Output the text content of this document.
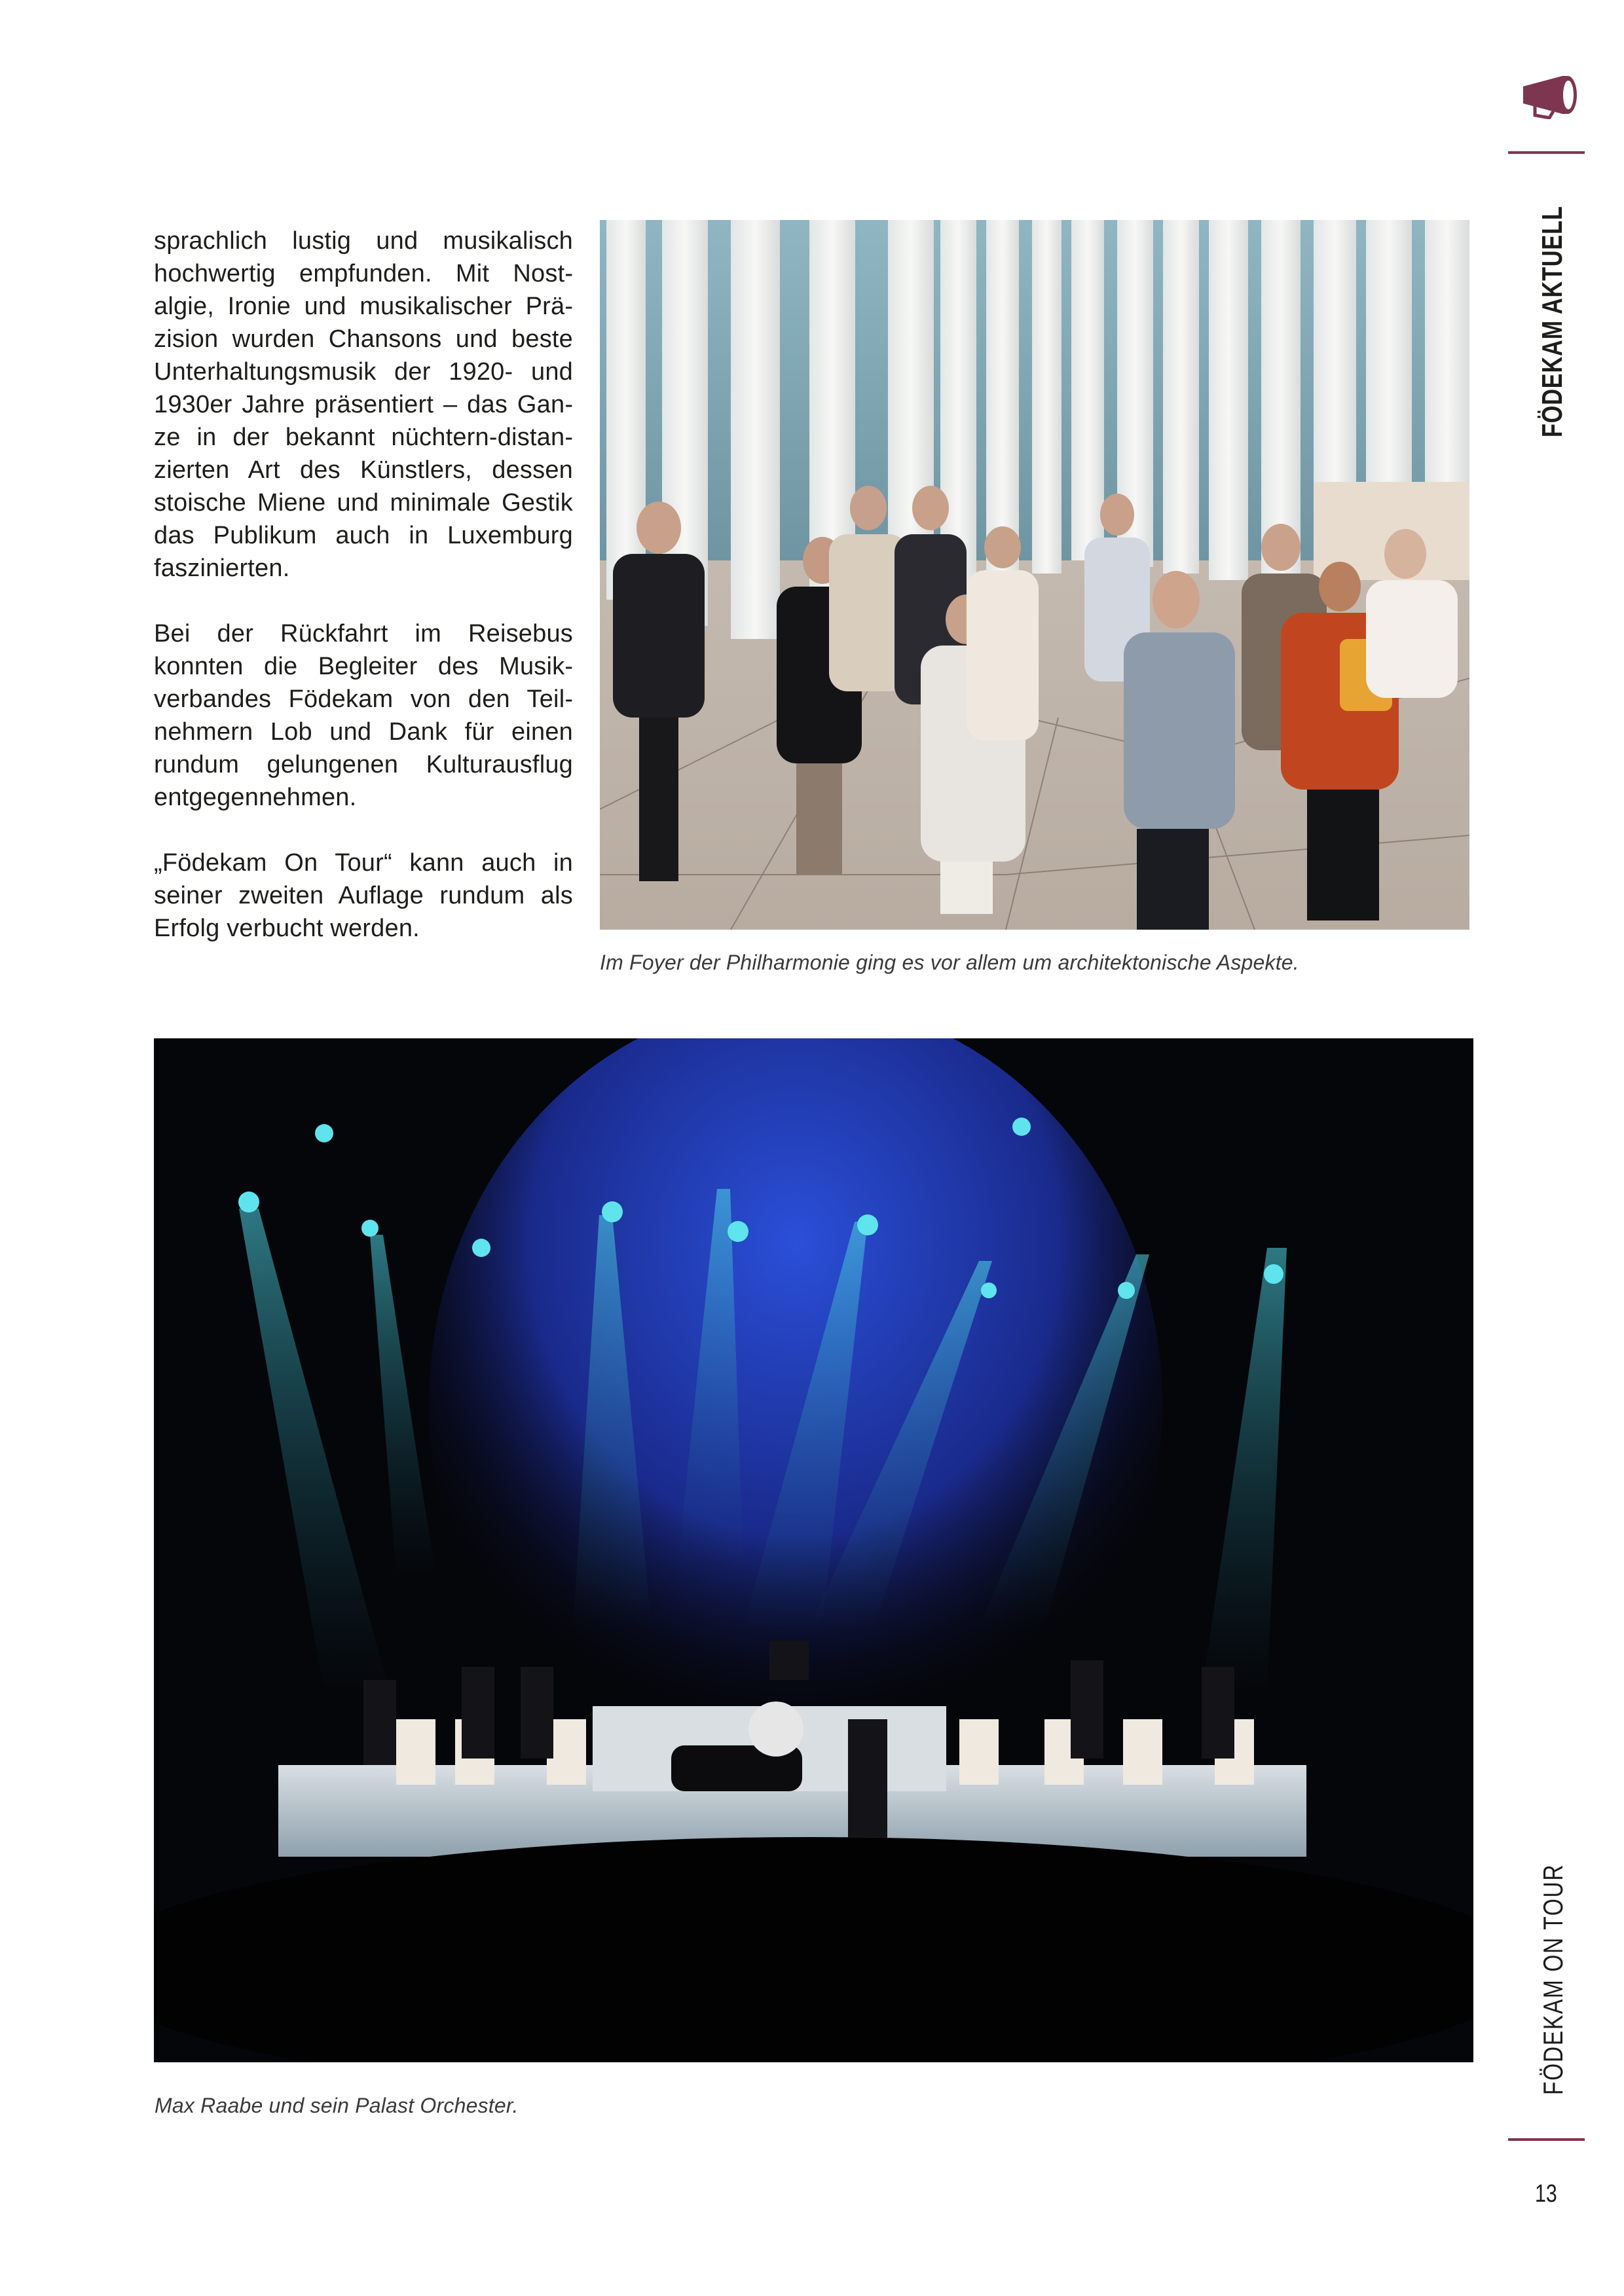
FÖDEKAM AKTUELL
FÖDEKAM ON TOUR
13

sprachlich lustig und musikalisch hochwertig empfunden. Mit Nostalgie, Ironie und musikalischer Präzision wurden Chansons und beste Unterhaltungsmusik der 1920- und 1930er Jahre präsentiert – das Ganze in der bekannt nüchtern-distanzierten Art des Künstlers, dessen stoische Miene und minimale Gestik das Publikum auch in Luxemburg faszinierten.

Bei der Rückfahrt im Reisebus konnten die Begleiter des Musikverbandes Födekam von den Teilnehmern Lob und Dank für einen rundum gelungenen Kulturausflug entgegennehmen.

„Födekam On Tour“ kann auch in seiner zweiten Auflage rundum als Erfolg verbucht werden.

Im Foyer der Philharmonie ging es vor allem um architektonische Aspekte.
Max Raabe und sein Palast Orchester.
